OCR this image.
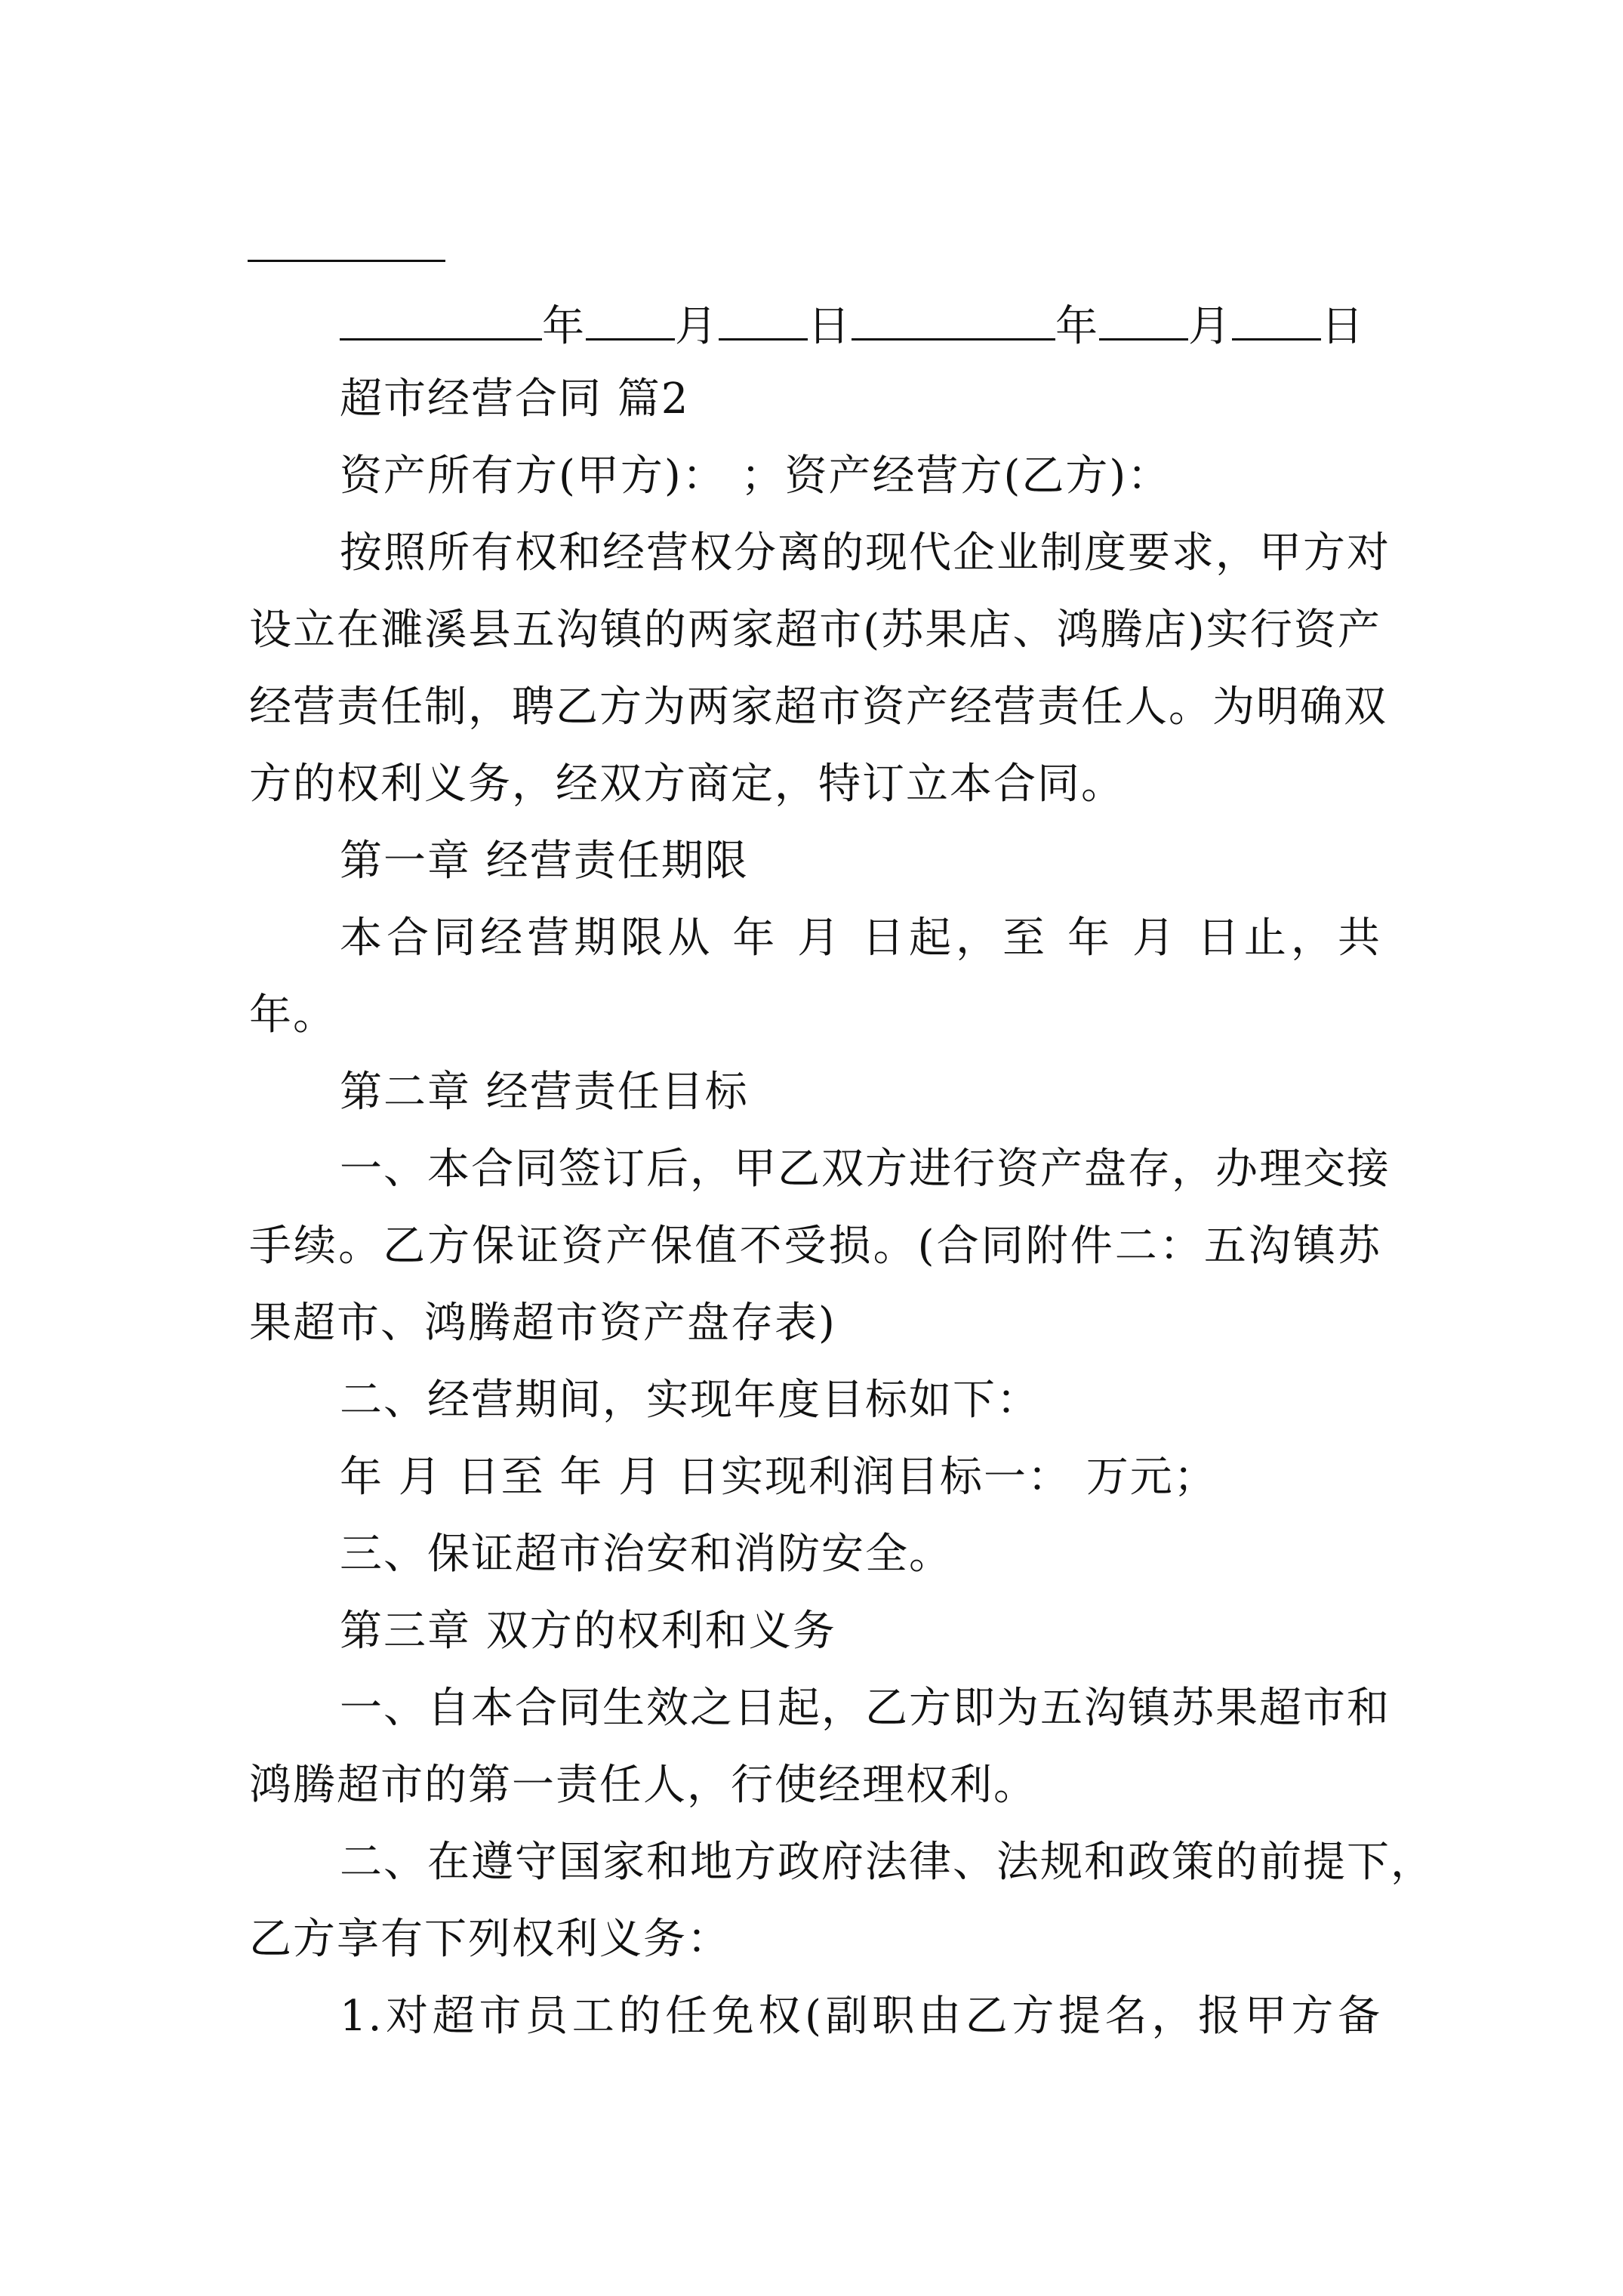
年 月 日	年 月 日
超市经营合同 篇2
资产所有方(甲方)： ；资产经营方(乙方)：
按照所有权和经营权分离的现代企业制度要求，甲方对
设立在濉溪县五沟镇的两家超市(苏果店、鸿腾店)实行资产
经营责任制，聘乙方为两家超市资产经营责任人。为明确双
方的权利义务，经双方商定，特订立本合同。
第一章 经营责任期限
本合同经营期限从 年 月 日起，至 年 月 日止，共
年。
第二章 经营责任目标
一、本合同签订后，甲乙双方进行资产盘存，办理交接
手续。乙方保证资产保值不受损。(合同附件二：五沟镇苏
果超市、鸿腾超市资产盘存表)
二、经营期间，实现年度目标如下：
年 月 日至 年 月 日实现利润目标一： 万元；
三、保证超市治安和消防安全。
第三章 双方的权利和义务
一、自本合同生效之日起，乙方即为五沟镇苏果超市和
鸿腾超市的第一责任人，行使经理权利。
二、在遵守国家和地方政府法律、法规和政策的前提下，
乙方享有下列权利义务：
1.对超市员工的任免权(副职由乙方提名，报甲方备
